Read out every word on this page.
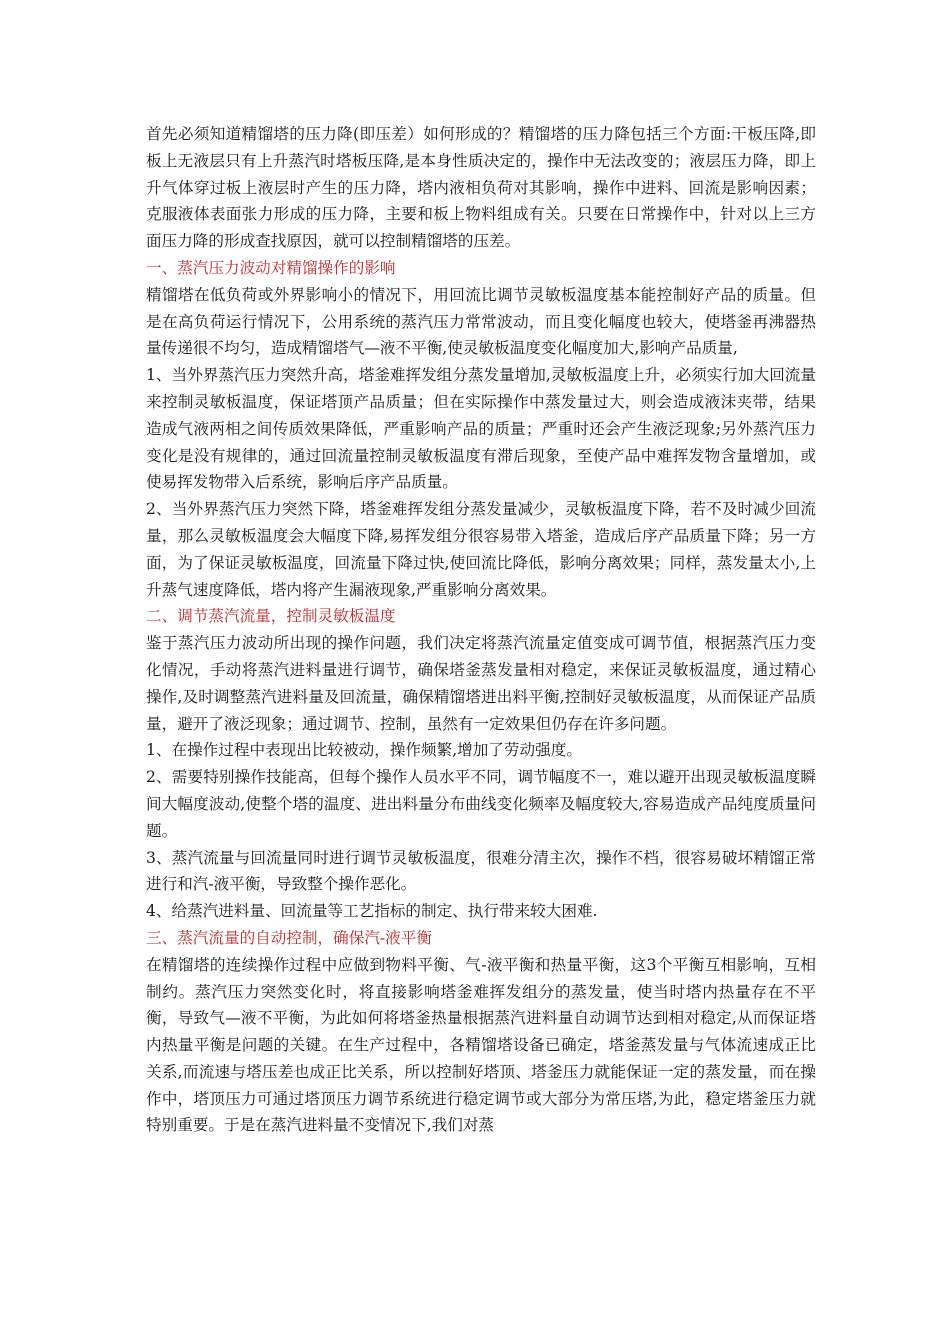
首先必须知道精馏塔的压力降(即压差）如何形成的？精馏塔的压力降包括三个方面:干板压降,即板上无液层只有上升蒸汽时塔板压降,是本身性质决定的，操作中无法改变的；液层压力降，即上升气体穿过板上液层时产生的压力降，塔内液相负荷对其影响，操作中进料、回流是影响因素；克服液体表面张力形成的压力降，主要和板上物料组成有关。只要在日常操作中，针对以上三方面压力降的形成查找原因，就可以控制精馏塔的压差。

一、蒸汽压力波动对精馏操作的影响

精馏塔在低负荷或外界影响小的情况下，用回流比调节灵敏板温度基本能控制好产品的质量。但是在高负荷运行情况下，公用系统的蒸汽压力常常波动，而且变化幅度也较大，使塔釜再沸器热量传递很不均匀，造成精馏塔气—液不平衡,使灵敏板温度变化幅度加大,影响产品质量,

1、当外界蒸汽压力突然升高，塔釜难挥发组分蒸发量增加,灵敏板温度上升，必须实行加大回流量来控制灵敏板温度，保证塔顶产品质量；但在实际操作中蒸发量过大，则会造成液沫夹带，结果造成气液两相之间传质效果降低，严重影响产品的质量；严重时还会产生液泛现象;另外蒸汽压力变化是没有规律的，通过回流量控制灵敏板温度有滞后现象，至使产品中难挥发物含量增加，或使易挥发物带入后系统，影响后序产品质量。

2、当外界蒸汽压力突然下降，塔釜难挥发组分蒸发量减少，灵敏板温度下降，若不及时减少回流量，那么灵敏板温度会大幅度下降,易挥发组分很容易带入塔釜，造成后序产品质量下降；另一方面，为了保证灵敏板温度，回流量下降过快,使回流比降低，影响分离效果；同样，蒸发量太小,上升蒸气速度降低，塔内将产生漏液现象,严重影响分离效果。

二、调节蒸汽流量，控制灵敏板温度

鉴于蒸汽压力波动所出现的操作问题，我们决定将蒸汽流量定值变成可调节值，根据蒸汽压力变化情况，手动将蒸汽进料量进行调节，确保塔釜蒸发量相对稳定，来保证灵敏板温度，通过精心操作,及时调整蒸汽进料量及回流量，确保精馏塔进出料平衡,控制好灵敏板温度，从而保证产品质量，避开了液泛现象；通过调节、控制，虽然有一定效果但仍存在许多问题。

1、在操作过程中表现出比较被动，操作频繁,增加了劳动强度。

2、需要特别操作技能高，但每个操作人员水平不同，调节幅度不一，难以避开出现灵敏板温度瞬间大幅度波动,使整个塔的温度、进出料量分布曲线变化频率及幅度较大,容易造成产品纯度质量问题。

3、蒸汽流量与回流量同时进行调节灵敏板温度，很难分清主次，操作不档，很容易破坏精馏正常进行和汽-液平衡，导致整个操作恶化。

4、给蒸汽进料量、回流量等工艺指标的制定、执行带来较大困难.

三、蒸汽流量的自动控制，确保汽-液平衡

在精馏塔的连续操作过程中应做到物料平衡、气-液平衡和热量平衡，这3个平衡互相影响，互相制约。蒸汽压力突然变化时，将直接影响塔釜难挥发组分的蒸发量，使当时塔内热量存在不平衡，导致气—液不平衡，为此如何将塔釜热量根据蒸汽进料量自动调节达到相对稳定,从而保证塔内热量平衡是问题的关键。在生产过程中，各精馏塔设备已确定，塔釜蒸发量与气体流速成正比关系,而流速与塔压差也成正比关系，所以控制好塔顶、塔釜压力就能保证一定的蒸发量，而在操作中，塔顶压力可通过塔顶压力调节系统进行稳定调节或大部分为常压塔,为此，稳定塔釜压力就特别重要。于是在蒸汽进料量不变情况下,我们对蒸
